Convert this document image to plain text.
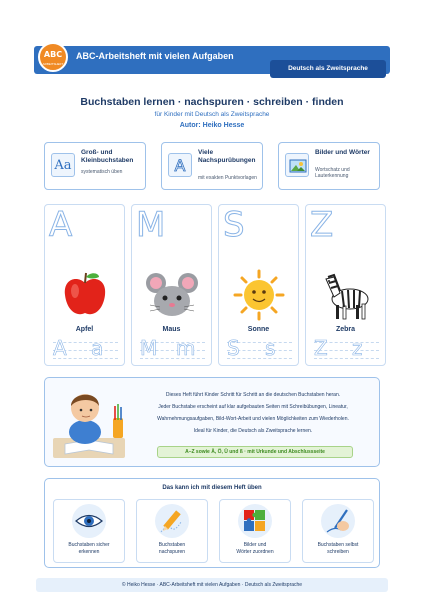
ABC
ARBEITSHEFT
ABC-Arbeitsheft mit vielen Aufgaben
Deutsch als Zweitsprache
Buchstaben lernen · nachspuren · schreiben · finden
für Kinder mit Deutsch als Zweitsprache
Autor: Heiko Hesse
Aa
Groß- und Kleinbuchstaben
systematisch üben	A
Viele Nachspurübungen
mit exakten Punktvorlagen
Bilder und Wörter
Wortschatz und Lauterkennung
A
Apfel
A a
M
Maus
M m
S
Sonne
S s
Z
Zebra
Z z

Dieses Heft führt Kinder Schritt für Schritt an die deutschen Buchstaben heran.

Jeder Buchstabe erscheint auf klar aufgebauten Seiten mit Schreibübungen, Lineatur,

Wahrnehmungsaufgaben, Bild-Wort-Arbeit und vielen Möglichkeiten zum Wiederholen.

Ideal für Kinder, die Deutsch als Zweitsprache lernen.

A–Z sowie Ä, Ö, Ü und ß · mit Urkunde und Abschlussseite
Das kann ich mit diesem Heft üben
Buchstaben sicher
erkennen
Buchstaben
nachspuren
Bilder und
Wörter zuordnen
Buchstaben selbst
schreiben
© Heiko Hesse · ABC-Arbeitsheft mit vielen Aufgaben · Deutsch als Zweitsprache
